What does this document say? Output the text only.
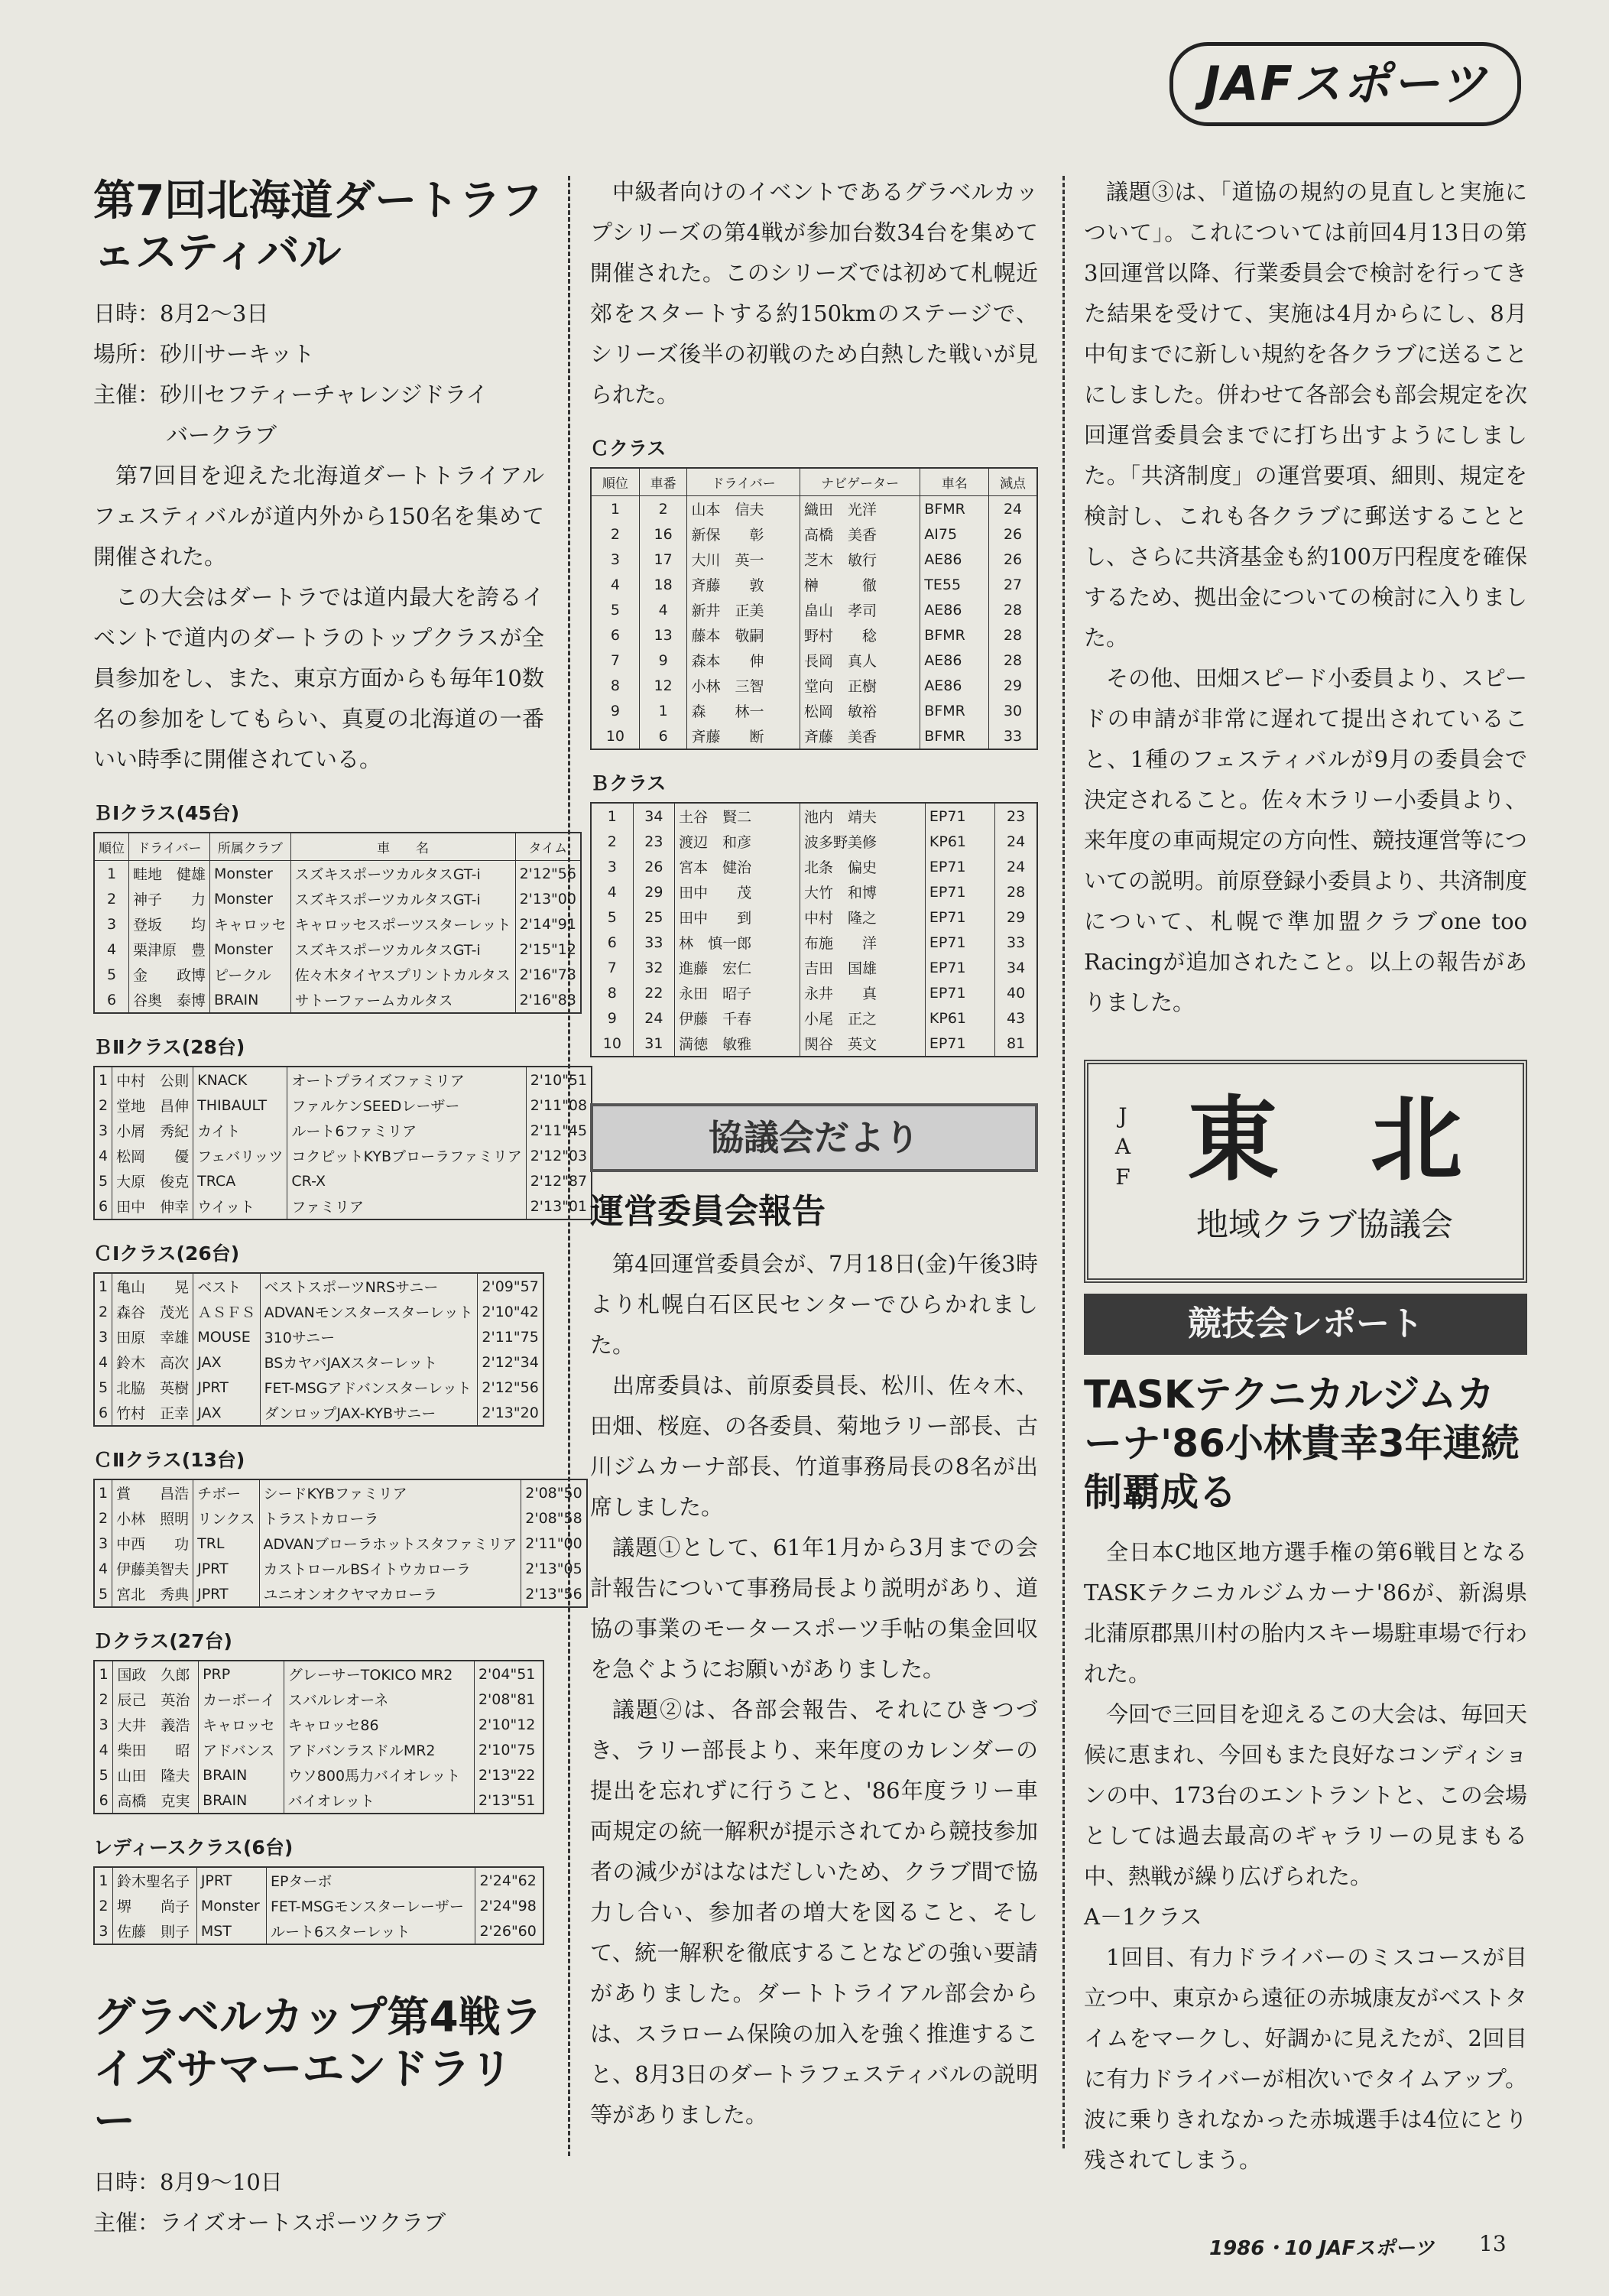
JAFスポーツ
第7回北海道ダートラフェスティバル

日時：8月2～3日

場所：砂川サーキット

主催：砂川セフティーチャレンジドライ

バークラブ

第7回目を迎えた北海道ダートトライアルフェスティバルが道内外から150名を集めて開催された。

この大会はダートラでは道内最大を誇るイベントで道内のダートラのトップクラスが全員参加をし、また、東京方面からも毎年10数名の参加をしてもらい、真夏の北海道の一番いい時季に開催されている。

ＢⅠクラス(45台)
順位	ドライバー	所属クラブ	車　　名	タイム
1	畦地　健雄	Monster	スズキスポーツカルタスGT-i	2'12"56
2	神子　　力	Monster	スズキスポーツカルタスGT-i	2'13"00
3	登坂　　均	キャロッセ	キャロッセスポーツスターレット	2'14"91
4	栗津原　豊	Monster	スズキスポーツカルタスGT-i	2'15"12
5	金　　政博	ピークル	佐々木タイヤスプリントカルタス	2'16"73
6	谷奥　泰博	BRAIN	サトーファームカルタス	2'16"83
ＢⅡクラス(28台)
1	中村　公則	KNACK	オートプライズファミリア	2'10"51
2	堂地　昌伸	THIBAULT	ファルケンSEEDレーザー	2'11"08
3	小屑　秀紀	カイト	ルート6ファミリア	2'11"45
4	松岡　　優	フェバリッツ	コクピットKYBブローラファミリア	2'12"03
5	大原　俊克	TRCA	CR-X	2'12"87
6	田中　伸幸	ウイット	ファミリア	2'13"01
ＣⅠクラス(26台)
1	亀山　　晃	ベスト	ベストスポーツNRSサニー	2'09"57
2	森谷　茂光	ＡＳＦＳ	ADVANモンスタースターレット	2'10"42
3	田原　幸雄	MOUSE	310サニー	2'11"75
4	鈴木　高次	JAX	BSカヤバJAXスターレット	2'12"34
5	北脇　英樹	JPRT	FET-MSGアドバンスターレット	2'12"56
6	竹村　正幸	JAX	ダンロップJAX-KYBサニー	2'13"20
ＣⅡクラス(13台)
1	賞　　昌浩	チボー	シードKYBファミリア	2'08"50
2	小林　照明	リンクス	トラストカローラ	2'08"58
3	中西　　功	TRL	ADVANブローラホットスタファミリア	2'11"00
4	伊藤美智夫	JPRT	カストロールBSイトウカローラ	2'13"05
5	宮北　秀典	JPRT	ユニオンオクヤマカローラ	2'13"56
Ｄクラス(27台)
1	国政　久郎	PRP	グレーサーTOKICO MR2	2'04"51
2	辰己　英治	カーボーイ	スバルレオーネ	2'08"81
3	大井　義浩	キャロッセ	キャロッセ86	2'10"12
4	柴田　　昭	アドバンス	アドバンラスドルMR2	2'10"75
5	山田　隆夫	BRAIN	ウソ800馬力バイオレット	2'13"22
6	高橋　克実	BRAIN	バイオレット	2'13"51
レディースクラス(6台)
1	鈴木聖名子	JPRT	EPターボ	2'24"62
2	堺　　尚子	Monster	FET-MSGモンスターレーザー	2'24"98
3	佐藤　則子	MST	ルート6スターレット	2'26"60
グラベルカップ第4戦ライズサマーエンドラリー

日時：8月9～10日

主催：ライズオートスポーツクラブ

中級者向けのイベントであるグラベルカップシリーズの第4戦が参加台数34台を集めて開催された。このシリーズでは初めて札幌近郊をスタートする約150kmのステージで、シリーズ後半の初戦のため白熱した戦いが見られた。

Ｃクラス
順位	車番	ドライバー	ナビゲーター	車名	減点
1	2	山本　信夫	織田　光洋	BFMR	24
2	16	新保　　彰	高橋　美香	AI75	26
3	17	大川　英一	芝木　敏行	AE86	26
4	18	斉藤　　敦	榊　　　徹	TE55	27
5	4	新井　正美	畠山　孝司	AE86	28
6	13	藤本　敬嗣	野村　　稔	BFMR	28
7	9	森本　　伸	長岡　真人	AE86	28
8	12	小林　三智	堂向　正樹	AE86	29
9	1	森　　林一	松岡　敏裕	BFMR	30
10	6	斉藤　　断	斉藤　美香	BFMR	33
Ｂクラス
1	34	土谷　賢二	池内　靖夫	EP71	23
2	23	渡辺　和彦	波多野美修	KP61	24
3	26	宮本　健治	北条　偏史	EP71	24
4	29	田中　　茂	大竹　和博	EP71	28
5	25	田中　　到	中村　隆之	EP71	29
6	33	林　慎一郎	布施　　洋	EP71	33
7	32	進藤　宏仁	吉田　国雄	EP71	34
8	22	永田　昭子	永井　　真	EP71	40
9	24	伊藤　千春	小尾　正之	KP61	43
10	31	満徳　敏雅	関谷　英文	EP71	81
協議会だより
運営委員会報告

第4回運営委員会が、7月18日(金)午後3時より札幌白石区民センターでひらかれました。

出席委員は、前原委員長、松川、佐々木、田畑、桜庭、の各委員、菊地ラリー部長、古川ジムカーナ部長、竹道事務局長の8名が出席しました。

議題①として、61年1月から3月までの会計報告について事務局長より説明があり、道協の事業のモータースポーツ手帖の集金回収を急ぐようにお願いがありました。

議題②は、各部会報告、それにひきつづき、ラリー部長より、来年度のカレンダーの提出を忘れずに行うこと、'86年度ラリー車両規定の統一解釈が提示されてから競技参加者の減少がはなはだしいため、クラブ間で協力し合い、参加者の増大を図ること、そして、統一解釈を徹底することなどの強い要請がありました。ダートトライアル部会からは、スラローム保険の加入を強く推進すること、8月3日のダートラフェスティバルの説明等がありました。

議題③は、「道協の規約の見直しと実施について」。これについては前回4月13日の第3回運営以降、行業委員会で検討を行ってきた結果を受けて、実施は4月からにし、8月中旬までに新しい規約を各クラブに送ることにしました。併わせて各部会も部会規定を次回運営委員会までに打ち出すようにしました。「共済制度」の運営要項、細則、規定を検討し、これも各クラブに郵送することとし、さらに共済基金も約100万円程度を確保するため、拠出金についての検討に入りました。

その他、田畑スピード小委員より、スピードの申請が非常に遅れて提出されていること、1種のフェスティバルが9月の委員会で決定されること。佐々木ラリー小委員より、来年度の車両規定の方向性、競技運営等についての説明。前原登録小委員より、共済制度について、札幌で準加盟クラブone too Racingが追加されたこと。以上の報告がありました。

JAF 東　北
地域クラブ協議会
競技会レポート
TASKテクニカルジムカーナ'86小林貴幸3年連続制覇成る

全日本C地区地方選手権の第6戦目となるTASKテクニカルジムカーナ'86が、新潟県北蒲原郡黒川村の胎内スキー場駐車場で行われた。

今回で三回目を迎えるこの大会は、毎回天候に恵まれ、今回もまた良好なコンディションの中、173台のエントラントと、この会場としては過去最高のギャラリーの見まもる中、熱戦が繰り広げられた。

A－1クラス

1回目、有力ドライバーのミスコースが目立つ中、東京から遠征の赤城康友がベストタイムをマークし、好調かに見えたが、2回目に有力ドライバーが相次いでタイムアップ。波に乗りきれなかった赤城選手は4位にとり残されてしまう。

1986・10 JAFスポーツ 13
